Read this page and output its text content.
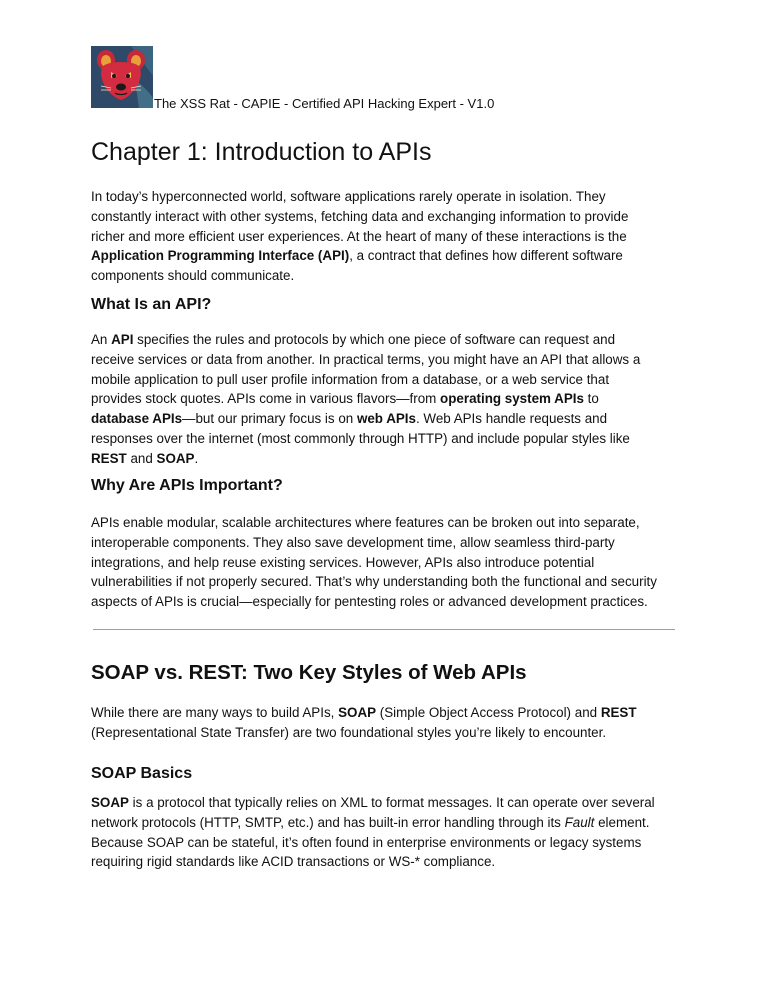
The XSS Rat - CAPIE - Certified API Hacking Expert - V1.0
Chapter 1: Introduction to APIs

In today’s hyperconnected world, software applications rarely operate in isolation. They
constantly interact with other systems, fetching data and exchanging information to provide
richer and more efficient user experiences. At the heart of many of these interactions is the
Application Programming Interface (API), a contract that defines how different software
components should communicate.

What Is an API?

An API specifies the rules and protocols by which one piece of software can request and
receive services or data from another. In practical terms, you might have an API that allows a
mobile application to pull user profile information from a database, or a web service that
provides stock quotes. APIs come in various flavors—from operating system APIs to
database APIs—but our primary focus is on web APIs. Web APIs handle requests and
responses over the internet (most commonly through HTTP) and include popular styles like
REST and SOAP.

Why Are APIs Important?

APIs enable modular, scalable architectures where features can be broken out into separate,
interoperable components. They also save development time, allow seamless third-party
integrations, and help reuse existing services. However, APIs also introduce potential
vulnerabilities if not properly secured. That’s why understanding both the functional and security
aspects of APIs is crucial—especially for pentesting roles or advanced development practices.

SOAP vs. REST: Two Key Styles of Web APIs

While there are many ways to build APIs, SOAP (Simple Object Access Protocol) and REST
(Representational State Transfer) are two foundational styles you’re likely to encounter.

SOAP Basics

SOAP is a protocol that typically relies on XML to format messages. It can operate over several
network protocols (HTTP, SMTP, etc.) and has built-in error handling through its Fault element.
Because SOAP can be stateful, it’s often found in enterprise environments or legacy systems
requiring rigid standards like ACID transactions or WS-* compliance.
